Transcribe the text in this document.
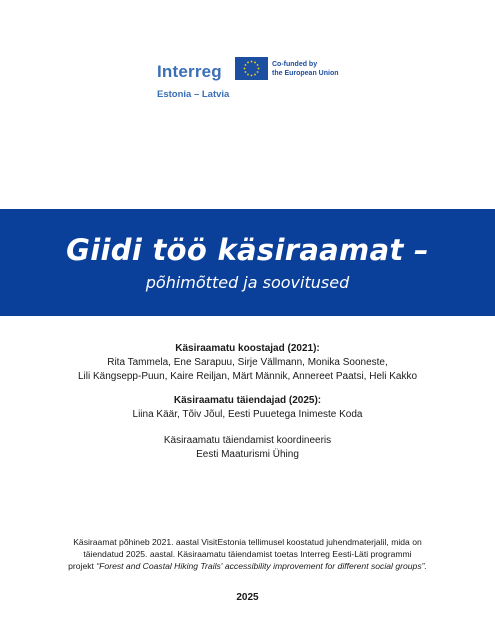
Interreg	Co-funded by
the European Union
Estonia – Latvia
Giidi töö käsiraamat –
põhimõtted ja soovitused
Käsiraamatu koostajad (2021):
Rita Tammela, Ene Sarapuu, Sirje Vällmann, Monika Sooneste,
Lili Kängsepp-Puun, Kaire Reiljan, Märt Männik, Annereet Paatsi, Heli Kakko
Käsiraamatu täiendajad (2025):
Liina Käär, Tõiv Jõul, Eesti Puuetega Inimeste Koda
Käsiraamatu täiendamist koordineeris
Eesti Maaturismi Ühing
Käsiraamat põhineb 2021. aastal VisitEstonia tellimusel koostatud juhendmaterjalil, mida on
täiendatud 2025. aastal. Käsiraamatu täiendamist toetas Interreg Eesti-Läti programmi
projekt “Forest and Coastal Hiking Trails' accessibility improvement for different social groups”.
2025
